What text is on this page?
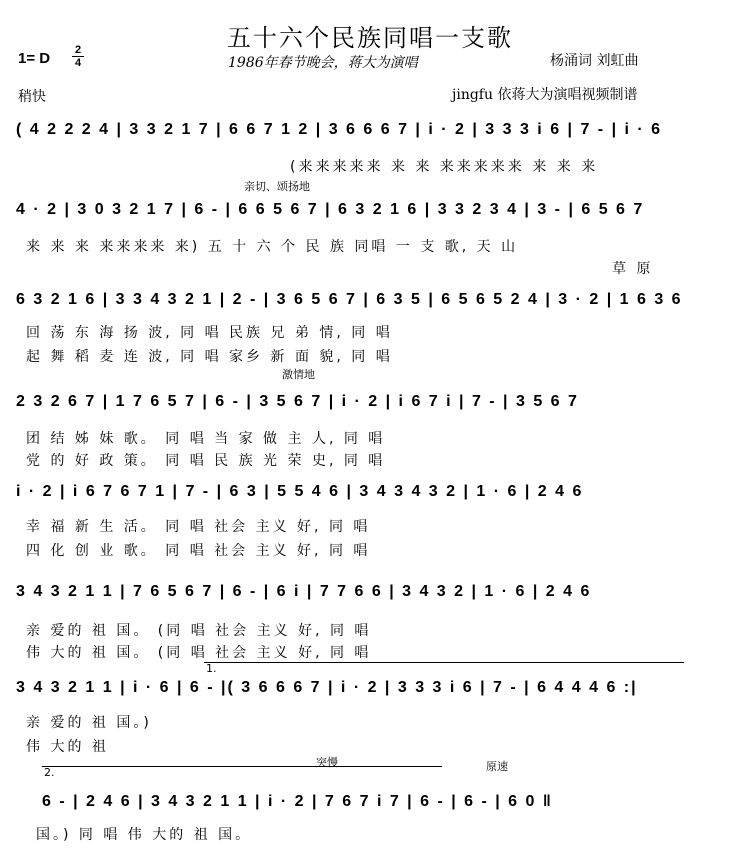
五十六个民族同唱一支歌
1= D 2
4	1986年春节晚会，蒋大为演唱	杨涌词 刘虹曲
稍快	jingfu 依蒋大为演唱视频制谱
( 4 2 2 2 4 | 3 3 2 1 7 | 6 6 7 1 2 | 3 6 6 6 7 | i · 2 | 3 3 3 i 6 | 7 - | i · 6
(来来来来来 来 来 来来来来来 来 来 来
亲切、颂扬地
4 · 2 | 3 0 3 2 1 7 | 6 - | 6 6 5 6 7 | 6 3 2 1 6 | 3 3 2 3 4 | 3 - | 6 5 6 7
来 来 来 来来来来 来) 五 十 六 个 民 族 同唱 一 支 歌, 天 山
草 原
6 3 2 1 6 | 3 3 4 3 2 1 | 2 - | 3 6 5 6 7 | 6 3 5 | 6 5 6 5 2 4 | 3 · 2 | 1 6 3 6
回 荡 东 海 扬 波, 同 唱 民族 兄 弟 情, 同 唱
起 舞 稻 麦 连 波, 同 唱 家乡 新 面 貌, 同 唱
激情地
2 3 2 6 7 | 1 7 6 5 7 | 6 - | 3 5 6 7 | i · 2 | i 6 7 i | 7 - | 3 5 6 7
团 结 姊 妹 歌。 同 唱 当 家 做 主 人, 同 唱
党 的 好 政 策。 同 唱 民 族 光 荣 史, 同 唱
i · 2 | i 6 7 6 7 1 | 7 - | 6 3 | 5 5 4 6 | 3 4 3 4 3 2 | 1 · 6 | 2 4 6
幸 福 新 生 活。 同 唱 社会 主义 好, 同 唱
四 化 创 业 歌。 同 唱 社会 主义 好, 同 唱
3 4 3 2 1 1 | 7 6 5 6 7 | 6 - | 6 i | 7 7 6 6 | 3 4 3 2 | 1 · 6 | 2 4 6
亲 爱的 祖 国。 (同 唱 社会 主义 好, 同 唱
伟 大的 祖 国。 (同 唱 社会 主义 好, 同 唱
1.
3 4 3 2 1 1 | i · 6 | 6 - |( 3 6 6 6 7 | i · 2 | 3 3 3 i 6 | 7 - | 6 4 4 4 6 :|
亲 爱的 祖 国。)
伟 大的 祖
2.
突慢	原速
6 - | 2 4 6 | 3 4 3 2 1 1 | i · 2 | 7 6 7 i 7 | 6 - | 6 - | 6 0 ‖
国。) 同 唱 伟 大的 祖 国。
